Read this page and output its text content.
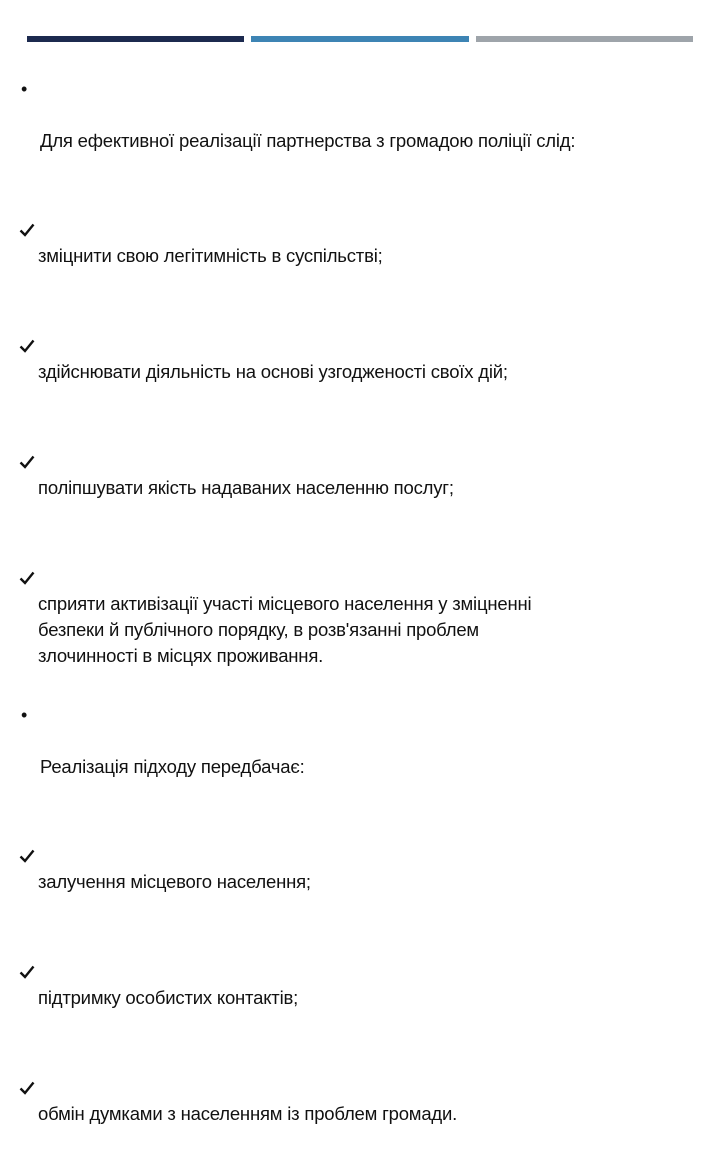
•

Для ефективної реалізації партнерства з громадою поліції слід:

зміцнити свою легітимність в суспільстві;

здійснювати діяльність на основі узгодженості своїх дій;

поліпшувати якість надаваних населенню послуг;

сприяти активізації участі місцевого населення у зміцненні
безпеки й публічного порядку, в розв'язанні проблем
злочинності в місцях проживання.

•

Реалізація підходу передбачає:

залучення місцевого населення;

підтримку особистих контактів;

обмін думками з населенням із проблем громади.
